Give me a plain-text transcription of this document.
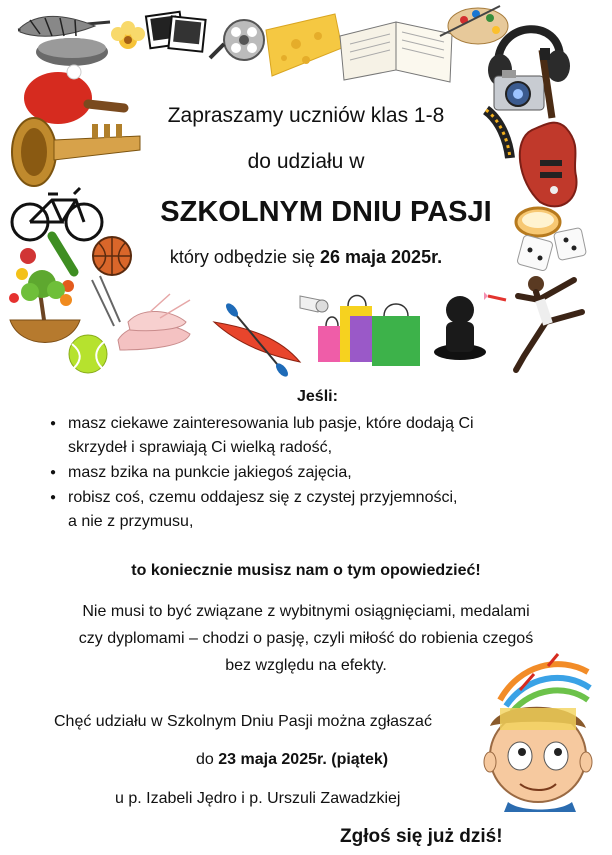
Zapraszamy uczniów klas 1-8
do udziału w
SZKOLNYM DNIU PASJI
który odbędzie się 26 maja 2025r.
Jeśli:
● masz ciekawe zainteresowania lub pasje, które dodają Ci
skrzydeł i sprawiają Ci wielką radość,
● masz bzika na punkcie jakiegoś zajęcia,
● robisz coś, czemu oddajesz się z czystej przyjemności,
a nie z przymusu,
to koniecznie musisz nam o tym opowiedzieć!
Nie musi to być związane z wybitnymi osiągnięciami, medalami
czy dyplomami – chodzi o pasję, czyli miłość do robienia czegoś
bez względu na efekty.
Chęć udziału w Szkolnym Dniu Pasji można zgłaszać
do 23 maja 2025r. (piątek)
u p. Izabeli Jędro i p. Urszuli Zawadzkiej
Zgłoś się już dziś!
